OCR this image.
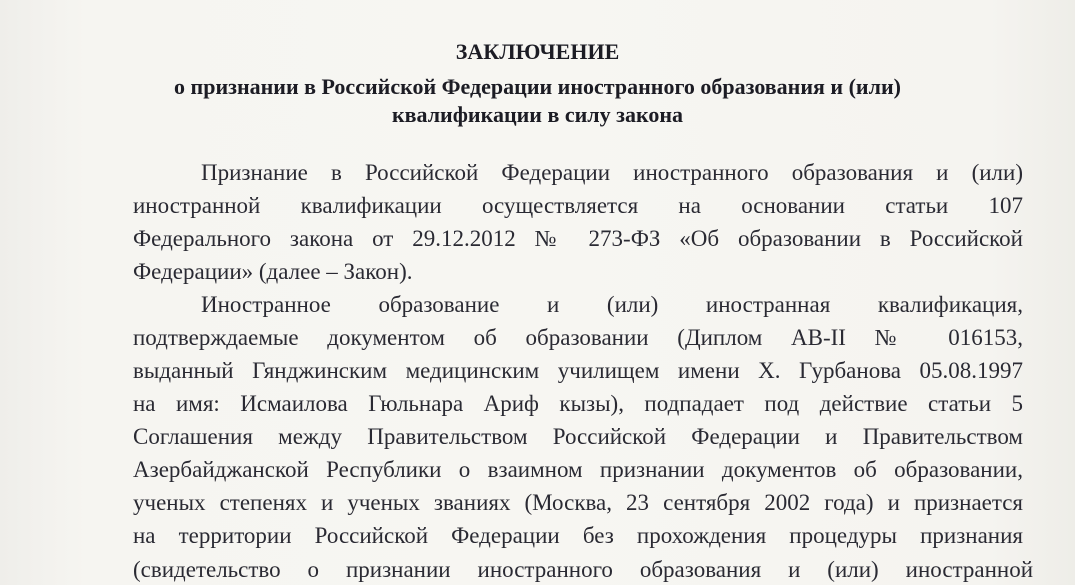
ЗАКЛЮЧЕНИЕ
о признании в Российской Федерации иностранного образования и (или)
квалификации в силу закона

Признание в Российской Федерации иностранного образования и (или)

иностранной квалификации осуществляется на основании статьи 107

Федерального закона от 29.12.2012 № 273-ФЗ «Об образовании в Российской

Федерации» (далее – Закон).

Иностранное образование и (или) иностранная квалификация,

подтверждаемые документом об образовании (Диплом АВ-II № 016153,

выданный Гянджинским медицинским училищем имени Х. Гурбанова 05.08.1997

на имя: Исмаилова Гюльнара Ариф кызы), подпадает под действие статьи 5

Соглашения между Правительством Российской Федерации и Правительством

Азербайджанской Республики о взаимном признании документов об образовании,

ученых степенях и ученых званиях (Москва, 23 сентября 2002 года) и признается

на территории Российской Федерации без прохождения процедуры признания

(свидетельство о признании иностранного образования и (или) иностранной
